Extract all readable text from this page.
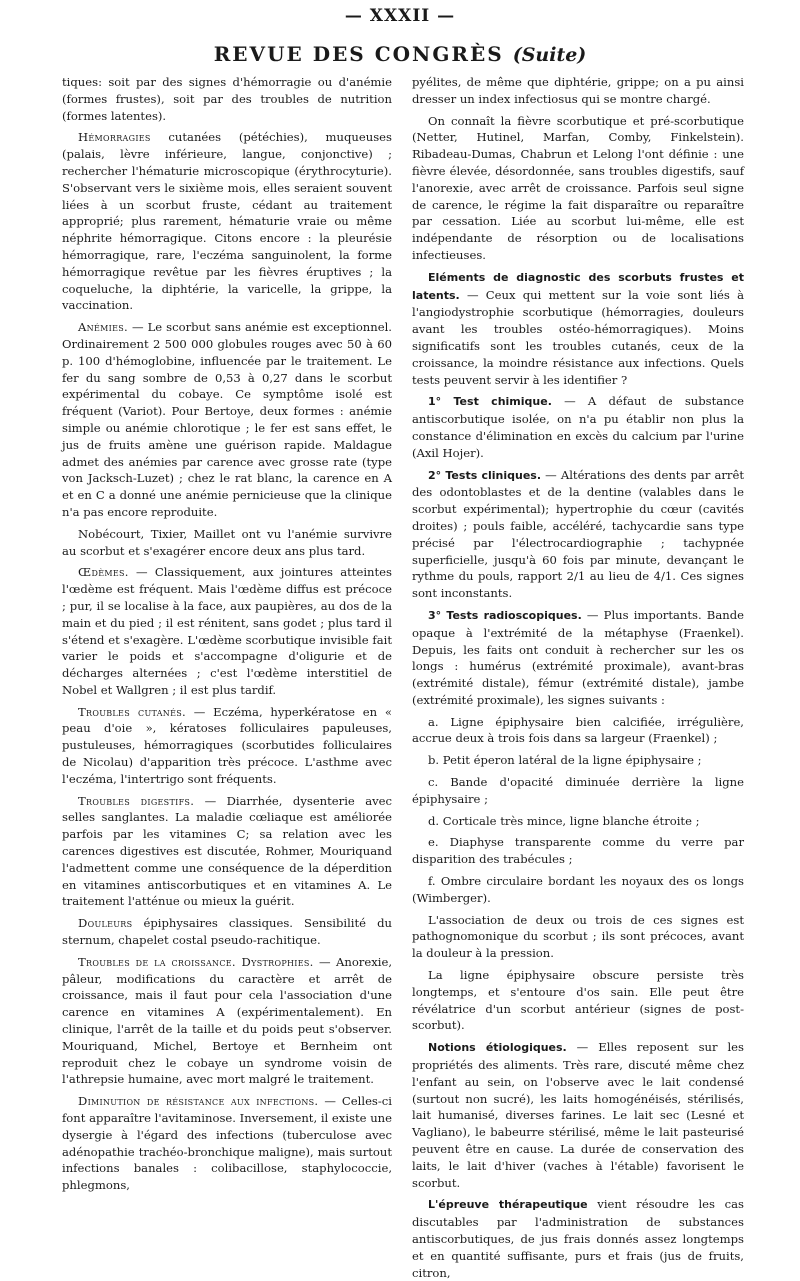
— XXXII —
REVUE DES CONGRÈS (Suite)

tiques: soit par des signes d'hémorragie ou d'anémie (formes frustes), soit par des troubles de nutrition (formes latentes).

Hémorragies cutanées (pétéchies), muqueuses (palais, lèvre inférieure, langue, conjonctive) ; rechercher l'hématurie microscopique (érythrocyturie). S'observant vers le sixième mois, elles seraient souvent liées à un scorbut fruste, cédant au traitement approprié; plus rarement, hématurie vraie ou même néphrite hémorragique. Citons encore : la pleurésie hémorragique, rare, l'eczéma sanguinolent, la forme hémorragique revêtue par les fièvres éruptives ; la coqueluche, la diphtérie, la varicelle, la grippe, la vaccination.

Anémies. — Le scorbut sans anémie est exceptionnel. Ordinairement 2 500 000 globules rouges avec 50 à 60 p. 100 d'hémoglobine, influencée par le traitement. Le fer du sang sombre de 0,53 à 0,27 dans le scorbut expérimental du cobaye. Ce symptôme isolé est fréquent (Variot). Pour Bertoye, deux formes : anémie simple ou anémie chlorotique ; le fer est sans effet, le jus de fruits amène une guérison rapide. Maldague admet des anémies par carence avec grosse rate (type von Jacksch-Luzet) ; chez le rat blanc, la carence en A et en C a donné une anémie pernicieuse que la clinique n'a pas encore reproduite.

Nobécourt, Tixier, Maillet ont vu l'anémie survivre au scorbut et s'exagérer encore deux ans plus tard.

Œdèmes. — Classiquement, aux jointures atteintes l'œdème est fréquent. Mais l'œdème diffus est précoce ; pur, il se localise à la face, aux paupières, au dos de la main et du pied ; il est rénitent, sans godet ; plus tard il s'étend et s'exagère. L'œdème scorbutique invisible fait varier le poids et s'accompagne d'oligurie et de décharges alternées ; c'est l'œdème interstitiel de Nobel et Wallgren ; il est plus tardif.

Troubles cutanés. — Eczéma, hyperkératose en « peau d'oie », kératoses folliculaires papuleuses, pustuleuses, hémorragiques (scorbutides folliculaires de Nicolau) d'apparition très précoce. L'asthme avec l'eczéma, l'intertrigo sont fréquents.

Troubles digestifs. — Diarrhée, dysenterie avec selles sanglantes. La maladie cœliaque est améliorée parfois par les vitamines C; sa relation avec les carences digestives est discutée, Rohmer, Mouriquand l'admettent comme une conséquence de la déperdition en vitamines antiscorbutiques et en vitamines A. Le traitement l'atténue ou mieux la guérit.

Douleurs épiphysaires classiques. Sensibilité du sternum, chapelet costal pseudo-rachitique.

Troubles de la croissance. Dystrophies. — Anorexie, pâleur, modifications du caractère et arrêt de croissance, mais il faut pour cela l'association d'une carence en vitamines A (expérimentalement). En clinique, l'arrêt de la taille et du poids peut s'observer. Mouriquand, Michel, Bertoye et Bernheim ont reproduit chez le cobaye un syndrome voisin de l'athrepsie humaine, avec mort malgré le traitement.

Diminution de résistance aux infections. — Celles-ci font apparaître l'avitaminose. Inversement, il existe une dysergie à l'égard des infections (tuberculose avec adénopathie trachéo-bronchique maligne), mais surtout infections banales : colibacillose, staphylococcie, phlegmons,

pyélites, de même que diphtérie, grippe; on a pu ainsi dresser un index infectiosus qui se montre chargé.

On connaît la fièvre scorbutique et pré-scorbutique (Netter, Hutinel, Marfan, Comby, Finkelstein). Ribadeau-Dumas, Chabrun et Lelong l'ont définie : une fièvre élevée, désordonnée, sans troubles digestifs, sauf l'anorexie, avec arrêt de croissance. Parfois seul signe de carence, le régime la fait disparaître ou reparaître par cessation. Liée au scorbut lui-même, elle est indépendante de résorption ou de localisations infectieuses.

Eléments de diagnostic des scorbuts frustes et latents. — Ceux qui mettent sur la voie sont liés à l'angiodystrophie scorbutique (hémorragies, douleurs avant les troubles ostéo-hémorragiques). Moins significatifs sont les troubles cutanés, ceux de la croissance, la moindre résistance aux infections. Quels tests peuvent servir à les identifier ?

1° Test chimique. — A défaut de substance antiscorbutique isolée, on n'a pu établir non plus la constance d'élimination en excès du calcium par l'urine (Axil Hojer).

2° Tests cliniques. — Altérations des dents par arrêt des odontoblastes et de la dentine (valables dans le scorbut expérimental); hypertrophie du cœur (cavités droites) ; pouls faible, accéléré, tachycardie sans type précisé par l'électrocardiographie ; tachypnée superficielle, jusqu'à 60 fois par minute, devançant le rythme du pouls, rapport 2/1 au lieu de 4/1. Ces signes sont inconstants.

3° Tests radioscopiques. — Plus importants. Bande opaque à l'extrémité de la métaphyse (Fraenkel). Depuis, les faits ont conduit à rechercher sur les os longs : humérus (extrémité proximale), avant-bras (extrémité distale), fémur (extrémité distale), jambe (extrémité proximale), les signes suivants :

a. Ligne épiphysaire bien calcifiée, irrégulière, accrue deux à trois fois dans sa largeur (Fraenkel) ;

b. Petit éperon latéral de la ligne épiphysaire ;

c. Bande d'opacité diminuée derrière la ligne épiphysaire ;

d. Corticale très mince, ligne blanche étroite ;

e. Diaphyse transparente comme du verre par disparition des trabécules ;

f. Ombre circulaire bordant les noyaux des os longs (Wimberger).

L'association de deux ou trois de ces signes est pathognomonique du scorbut ; ils sont précoces, avant la douleur à la pression.

La ligne épiphysaire obscure persiste très longtemps, et s'entoure d'os sain. Elle peut être révélatrice d'un scorbut antérieur (signes de post-scorbut).

Notions étiologiques. — Elles reposent sur les propriétés des aliments. Très rare, discuté même chez l'enfant au sein, on l'observe avec le lait condensé (surtout non sucré), les laits homogénéisés, stérilisés, lait humanisé, diverses farines. Le lait sec (Lesné et Vagliano), le babeurre stérilisé, même le lait pasteurisé peuvent être en cause. La durée de conservation des laits, le lait d'hiver (vaches à l'étable) favorisent le scorbut.

L'épreuve thérapeutique vient résoudre les cas discutables par l'administration de substances antiscorbutiques, de jus frais donnés assez longtemps et en quantité suffisante, purs et frais (jus de fruits, citron,
